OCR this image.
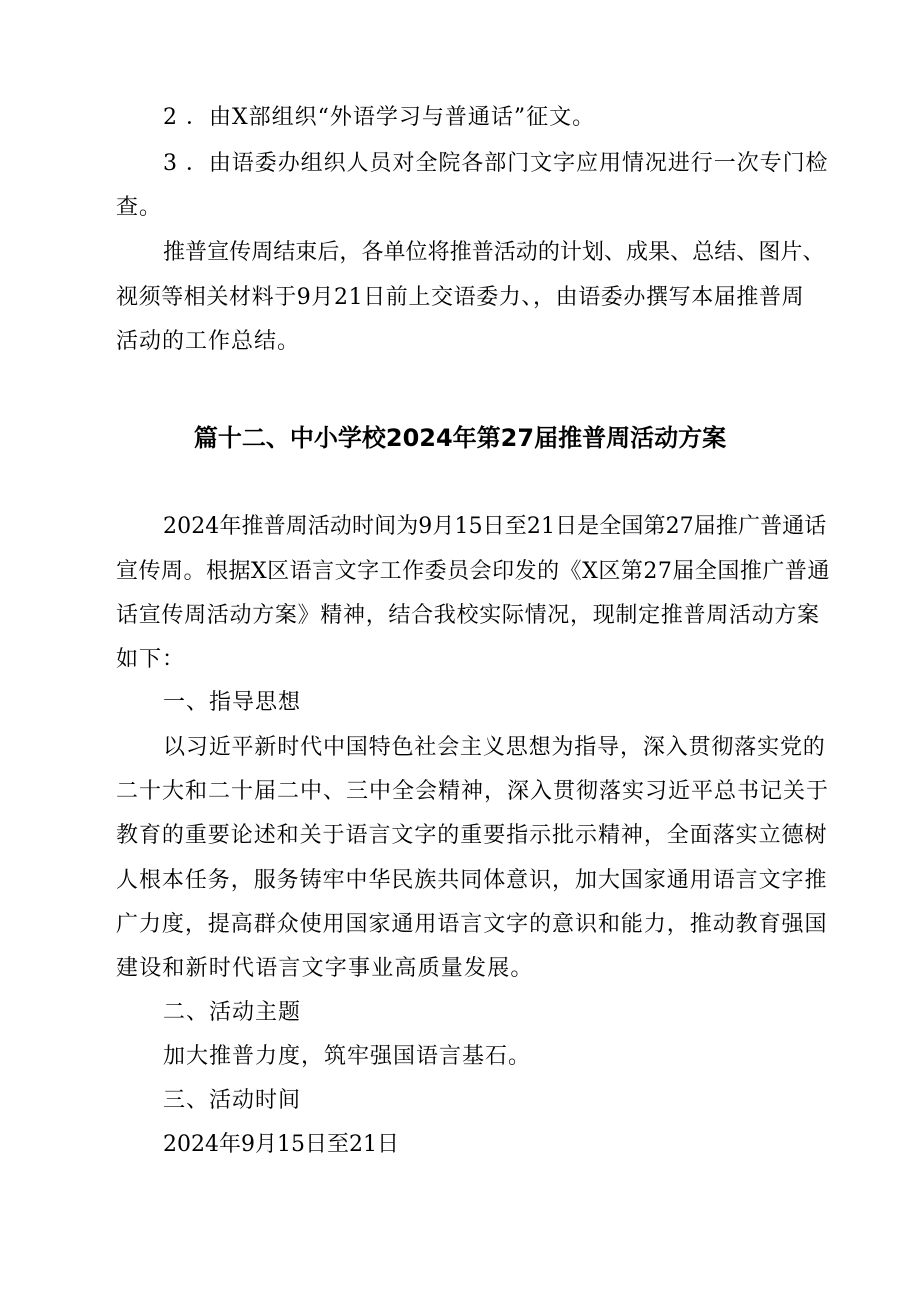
2 ．由X部组织“外语学习与普通话”征文。
3 ．由语委办组织人员对全院各部门文字应用情况进行一次专门检
查。
推普宣传周结束后，各单位将推普活动的计划、成果、总结、图片、
视须等相关材料于9月21日前上交语委力、，由语委办撰写本届推普周
活动的工作总结。
篇十二、中小学校2024年第27届推普周活动方案
2024年推普周活动时间为9月15日至21日是全国第27届推广普通话
宣传周。根据X区语言文字工作委员会印发的《X区第27届全国推广普通
话宣传周活动方案》精神，结合我校实际情况，现制定推普周活动方案
如下：
一、指导思想
以习近平新时代中国特色社会主义思想为指导，深入贯彻落实党的
二十大和二十届二中、三中全会精神，深入贯彻落实习近平总书记关于
教育的重要论述和关于语言文字的重要指示批示精神，全面落实立德树
人根本任务，服务铸牢中华民族共同体意识，加大国家通用语言文字推
广力度，提高群众使用国家通用语言文字的意识和能力，推动教育强国
建设和新时代语言文字事业高质量发展。
二、活动主题
加大推普力度，筑牢强国语言基石。
三、活动时间
2024年9月15日至21日
